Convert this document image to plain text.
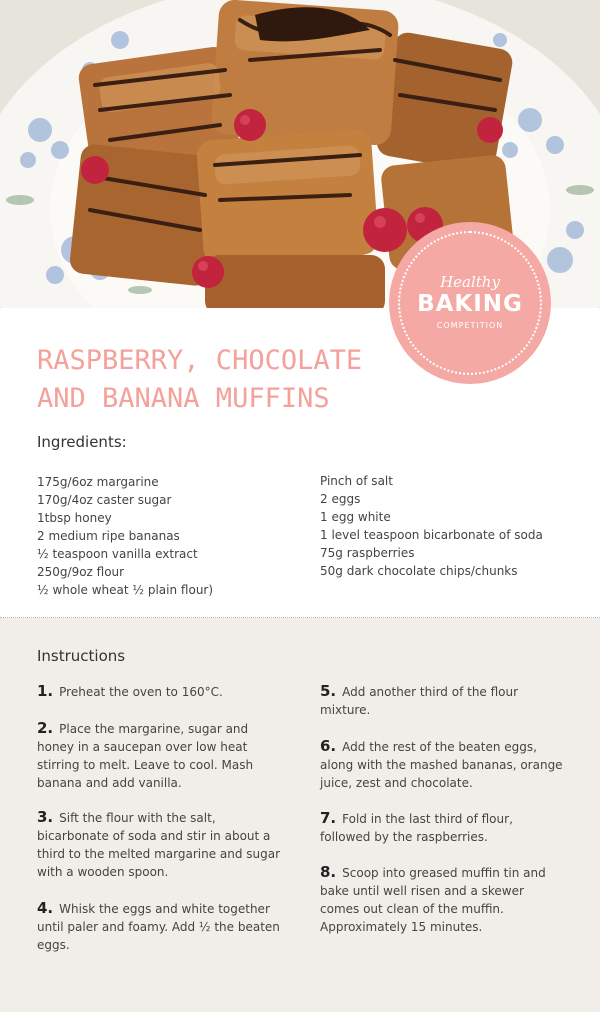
Healthy
BAKING
COMPETITION
RASPBERRY, CHOCOLATE
AND BANANA MUFFINS
Ingredients:
175g/6oz margarine
170g/4oz caster sugar
1tbsp honey
2 medium ripe bananas
½ teaspoon vanilla extract
250g/9oz flour
½ whole wheat ½ plain flour)
Pinch of salt
2 eggs
1 egg white
1 level teaspoon bicarbonate of soda
75g raspberries
50g dark chocolate chips/chunks
Instructions
1. Preheat the oven to 160°C.
2. Place the margarine, sugar and honey in a saucepan over low heat stirring to melt. Leave to cool. Mash banana and add vanilla.
3. Sift the flour with the salt, bicarbonate of soda and stir in about a third to the melted margarine and sugar with a wooden spoon.
4. Whisk the eggs and white together until paler and foamy. Add ½ the beaten eggs.
5. Add another third of the flour mixture.
6. Add the rest of the beaten eggs, along with the mashed bananas, orange juice, zest and chocolate.
7. Fold in the last third of flour, followed by the raspberries.
8. Scoop into greased muffin tin and bake until well risen and a skewer comes out clean of the muffin. Approximately 15 minutes.
